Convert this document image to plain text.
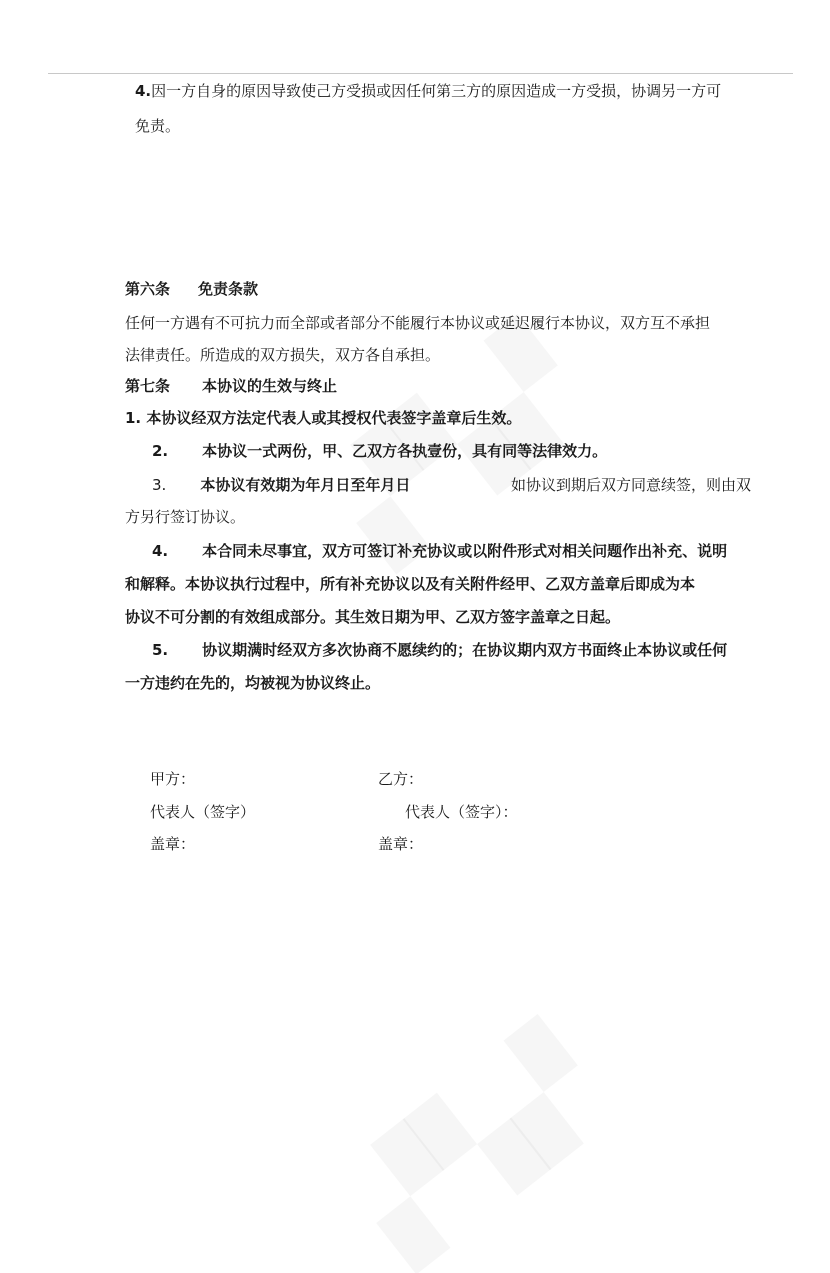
4.因一方自身的原因导致使己方受损或因任何第三方的原因造成一方受损，协调另一方可
免责。
第六条 免责条款
任何一方遇有不可抗力而全部或者部分不能履行本协议或延迟履行本协议，双方互不承担
法律责任。所造成的双方损失，双方各自承担。
第七条 本协议的生效与终止
1. 本协议经双方法定代表人或其授权代表签字盖章后生效。
2. 本协议一式两份，甲、乙双方各执壹份，具有同等法律效力。
3. 本协议有效期为年月日至年月日	如协议到期后双方同意续签，则由双
方另行签订协议。
4. 本合同未尽事宜，双方可签订补充协议或以附件形式对相关问题作出补充、说明
和解释。本协议执行过程中，所有补充协议以及有关附件经甲、乙双方盖章后即成为本
协议不可分割的有效组成部分。其生效日期为甲、乙双方签字盖章之日起。
5. 协议期满时经双方多次协商不愿续约的；在协议期内双方书面终止本协议或任何
一方违约在先的，均被视为协议终止。
甲方：	乙方：
代表人（签字）	代表人（签字）：
盖章：	盖章：
